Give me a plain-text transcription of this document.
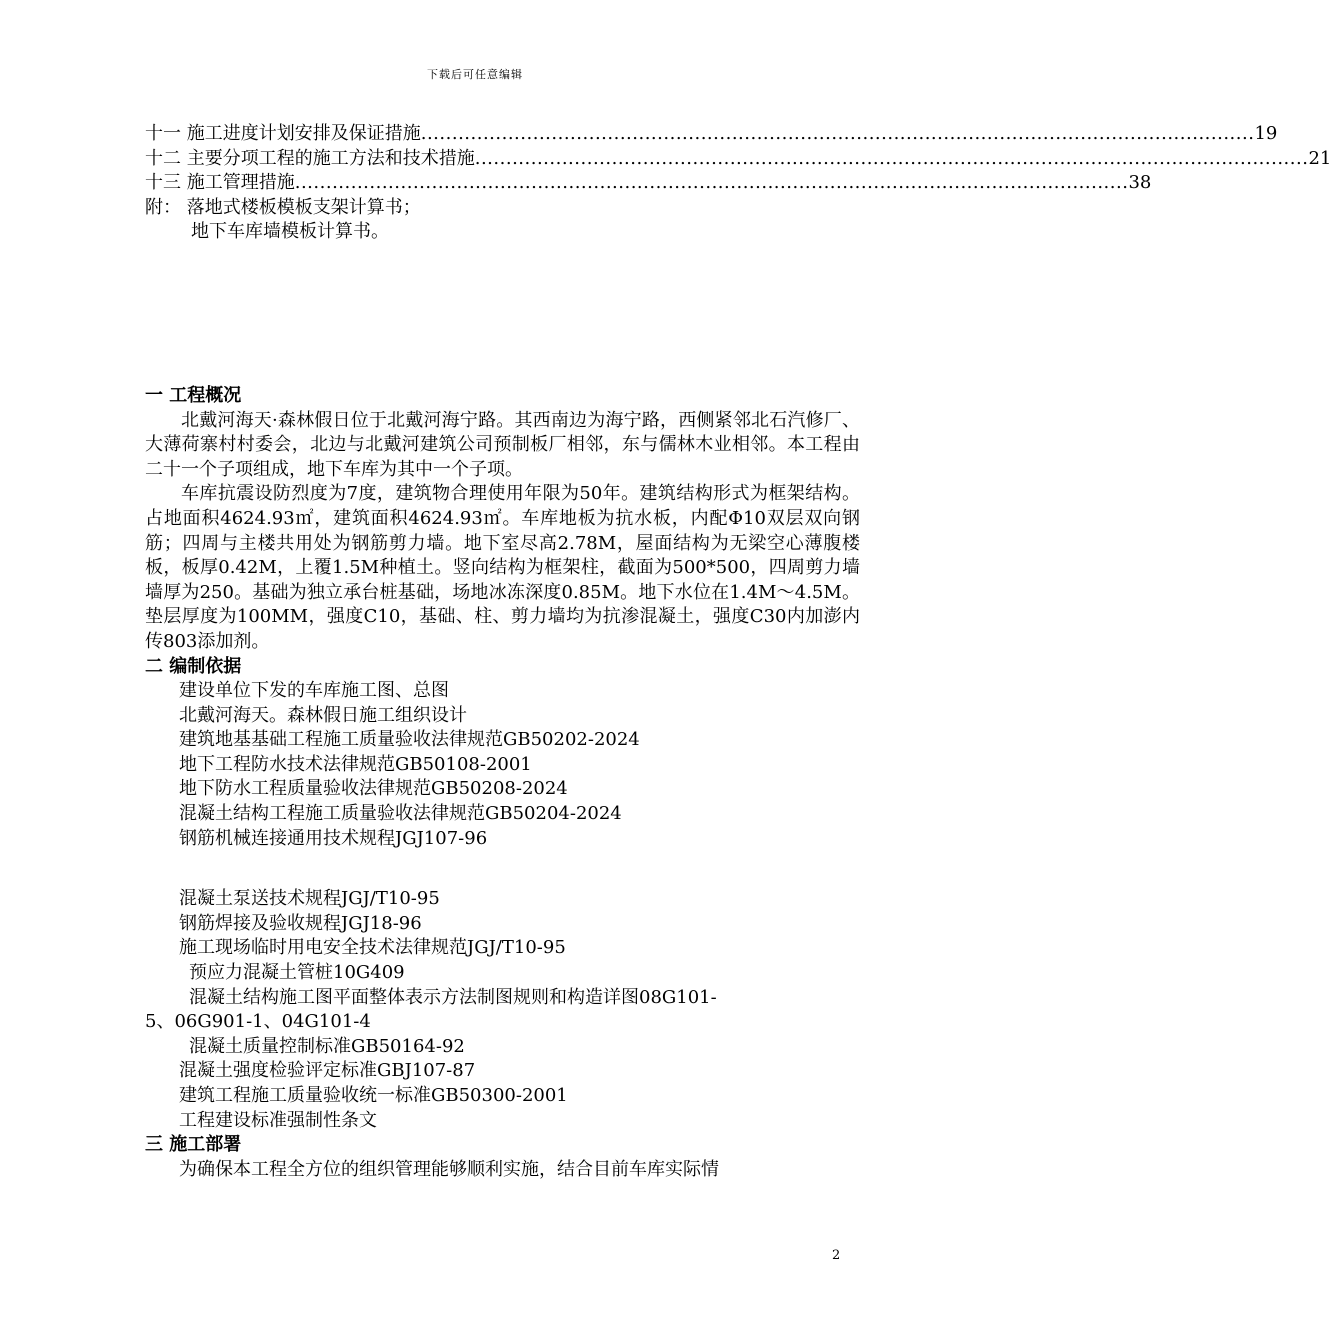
下载后可任意编辑
十一 施工进度计划安排及保证措施 ...................................................................................................................................... 19
十二 主要分项工程的施工方法和技术措施 ...................................................................................................................................... 21
十三 施工管理措施 ...................................................................................................................................... 38

附： 落地式楼板模板支架计算书；

地下车库墙模板计算书。

一 工程概况

北戴河海天·森林假日位于北戴河海宁路。其西南边为海宁路，西侧紧邻北石汽修厂、大薄荷寨村村委会，北边与北戴河建筑公司预制板厂相邻，东与儒林木业相邻。本工程由二十一个子项组成，地下车库为其中一个子项。

车库抗震设防烈度为7度，建筑物合理使用年限为50年。建筑结构形式为框架结构。占地面积4624.93㎡，建筑面积4624.93㎡。车库地板为抗水板，内配Φ10双层双向钢筋；四周与主楼共用处为钢筋剪力墙。地下室尽高2.78M，屋面结构为无梁空心薄腹楼板，板厚0.42M，上覆1.5M种植土。竖向结构为框架柱，截面为500*500，四周剪力墙墙厚为250。基础为独立承台桩基础，场地冰冻深度0.85M。地下水位在1.4M～4.5M。垫层厚度为100MM，强度C10，基础、柱、剪力墙均为抗渗混凝土，强度C30内加澎内传803添加剂。

二 编制依据

建设单位下发的车库施工图、总图

北戴河海天。森林假日施工组织设计

建筑地基基础工程施工质量验收法律规范GB50202-2024

地下工程防水技术法律规范GB50108-2001

地下防水工程质量验收法律规范GB50208-2024

混凝土结构工程施工质量验收法律规范GB50204-2024

钢筋机械连接通用技术规程JGJ107-96

混凝土泵送技术规程JGJ/T10-95

钢筋焊接及验收规程JGJ18-96

施工现场临时用电安全技术法律规范JGJ/T10-95

预应力混凝土管桩10G409

混凝土结构施工图平面整体表示方法制图规则和构造详图08G101-

5、06G901-1、04G101-4

混凝土质量控制标准GB50164-92

混凝土强度检验评定标准GBJ107-87

建筑工程施工质量验收统一标准GB50300-2001

工程建设标准强制性条文

三 施工部署

为确保本工程全方位的组织管理能够顺利实施，结合目前车库实际情

2
